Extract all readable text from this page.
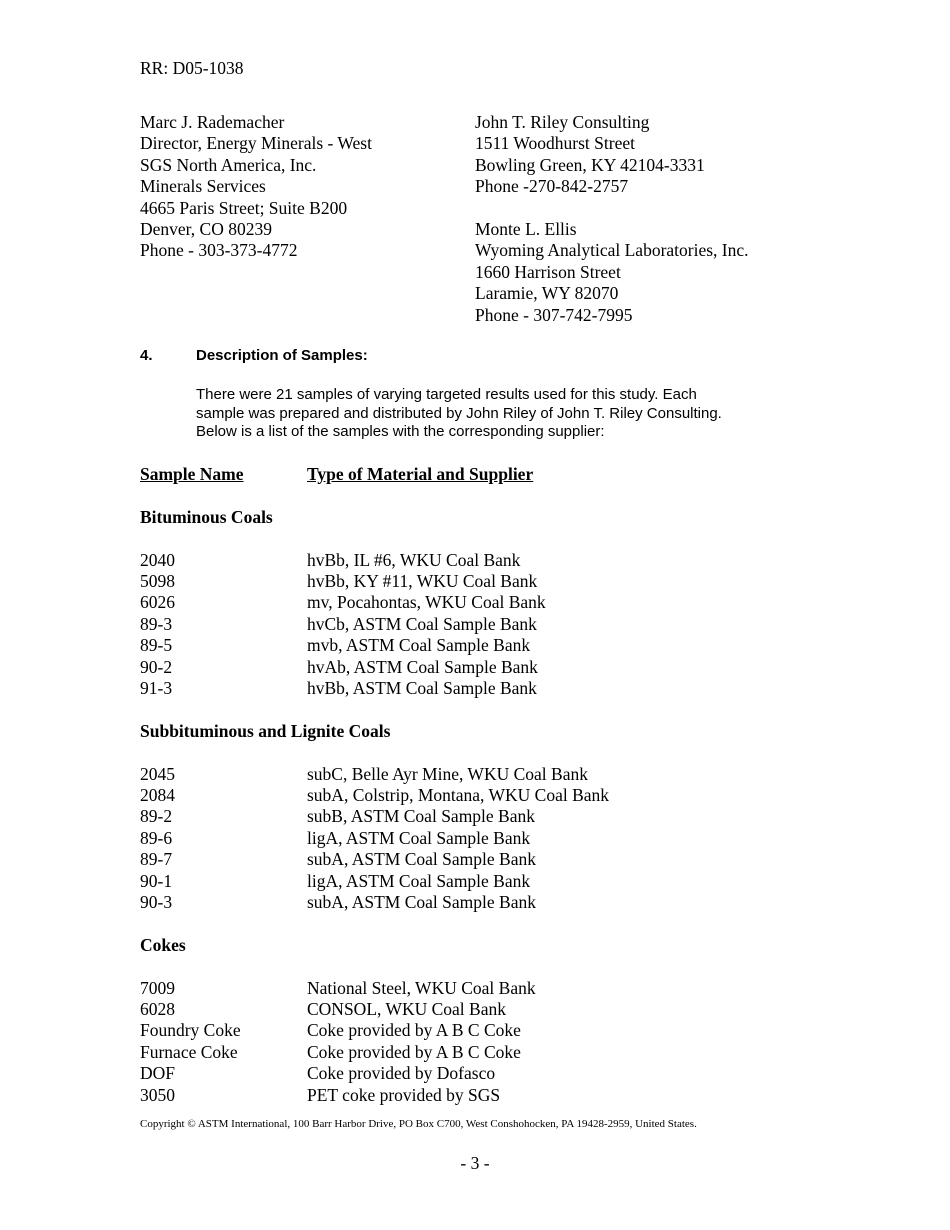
RR: D05-1038
Marc J. Rademacher
Director, Energy Minerals - West
SGS North America, Inc.
Minerals Services
4665 Paris Street; Suite B200
Denver, CO 80239
Phone - 303-373-4772
John T. Riley Consulting
1511 Woodhurst Street
Bowling Green, KY 42104-3331
Phone -270-842-2757
Monte L. Ellis
Wyoming Analytical Laboratories, Inc.
1660 Harrison Street
Laramie, WY 82070
Phone - 307-742-7995
4.	Description of Samples:
There were 21 samples of varying targeted results used for this study. Each
sample was prepared and distributed by John Riley of John T. Riley Consulting.
Below is a list of the samples with the corresponding supplier:
Sample Name	Type of Material and Supplier
Bituminous Coals
2040	hvBb, IL #6, WKU Coal Bank
5098	hvBb, KY #11, WKU Coal Bank
6026	mv, Pocahontas, WKU Coal Bank
89-3	hvCb, ASTM Coal Sample Bank
89-5	mvb, ASTM Coal Sample Bank
90-2	hvAb, ASTM Coal Sample Bank
91-3	hvBb, ASTM Coal Sample Bank
Subbituminous and Lignite Coals
2045	subC, Belle Ayr Mine, WKU Coal Bank
2084	subA, Colstrip, Montana, WKU Coal Bank
89-2	subB, ASTM Coal Sample Bank
89-6	ligA, ASTM Coal Sample Bank
89-7	subA, ASTM Coal Sample Bank
90-1	ligA, ASTM Coal Sample Bank
90-3	subA, ASTM Coal Sample Bank
Cokes
7009	National Steel, WKU Coal Bank
6028	CONSOL, WKU Coal Bank
Foundry Coke	Coke provided by A B C Coke
Furnace Coke	Coke provided by A B C Coke
DOF	Coke provided by Dofasco
3050	PET coke provided by SGS
Copyright © ASTM International, 100 Barr Harbor Drive, PO Box C700, West Conshohocken, PA 19428-2959, United States.
- 3 -
